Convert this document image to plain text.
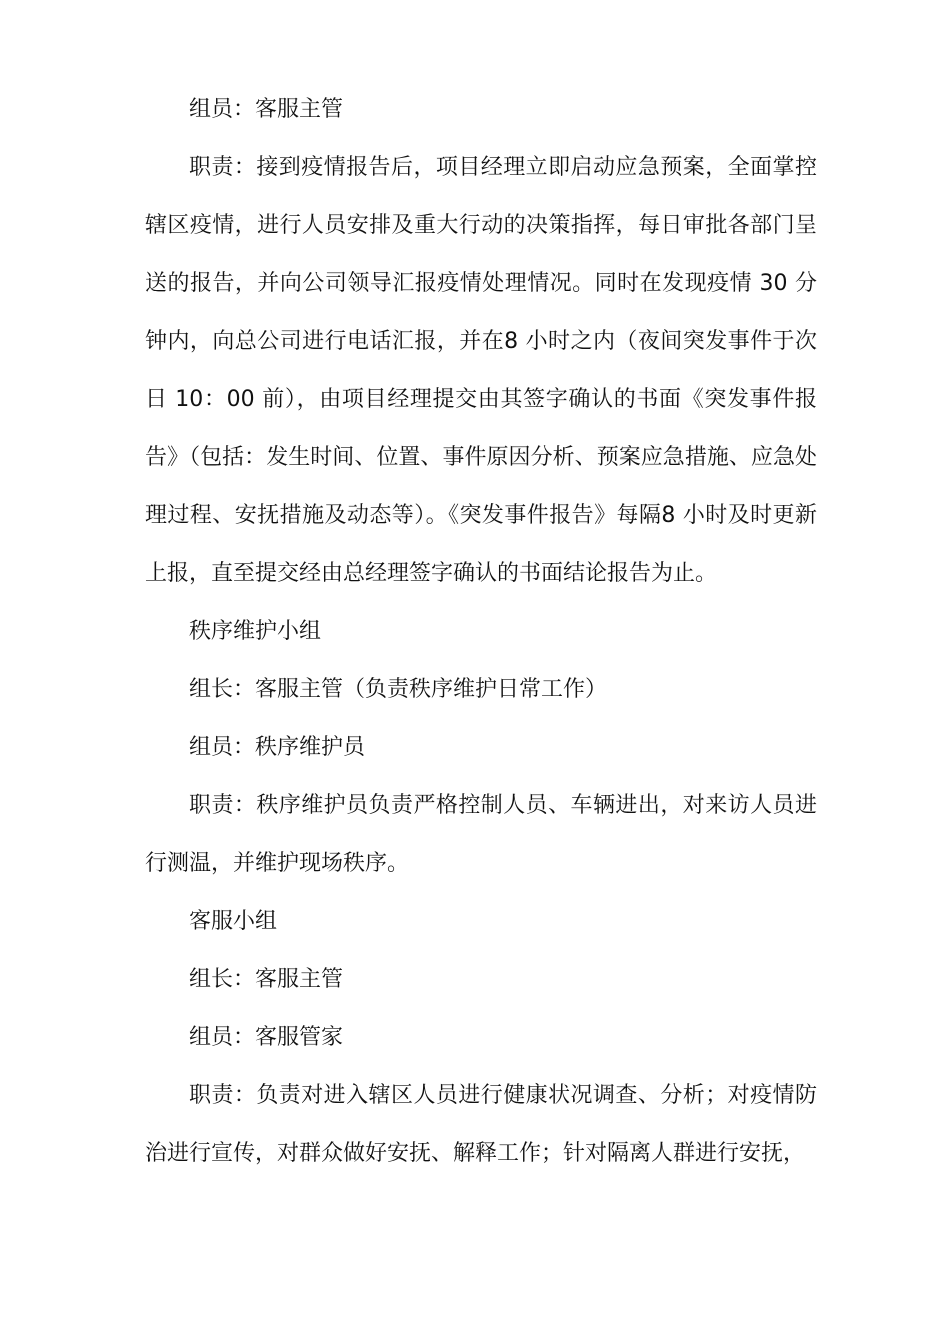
组员：客服主管

职责：接到疫情报告后，项目经理立即启动应急预案，全面掌控辖区疫情，进行人员安排及重大行动的决策指挥，每日审批各部门呈送的报告，并向公司领导汇报疫情处理情况。同时在发现疫情 30 分钟内，向总公司进行电话汇报，并在8 小时之内（夜间突发事件于次日 10：00 前），由项目经理提交由其签字确认的书面《突发事件报告》（包括：发生时间、位置、事件原因分析、预案应急措施、应急处理过程、安抚措施及动态等）。《突发事件报告》每隔8 小时及时更新上报，直至提交经由总经理签字确认的书面结论报告为止。

秩序维护小组

组长：客服主管（负责秩序维护日常工作）

组员：秩序维护员

职责：秩序维护员负责严格控制人员、车辆进出，对来访人员进行测温，并维护现场秩序。

客服小组

组长：客服主管

组员：客服管家

职责：负责对进入辖区人员进行健康状况调查、分析；对疫情防治进行宣传，对群众做好安抚、解释工作；针对隔离人群进行安抚，
